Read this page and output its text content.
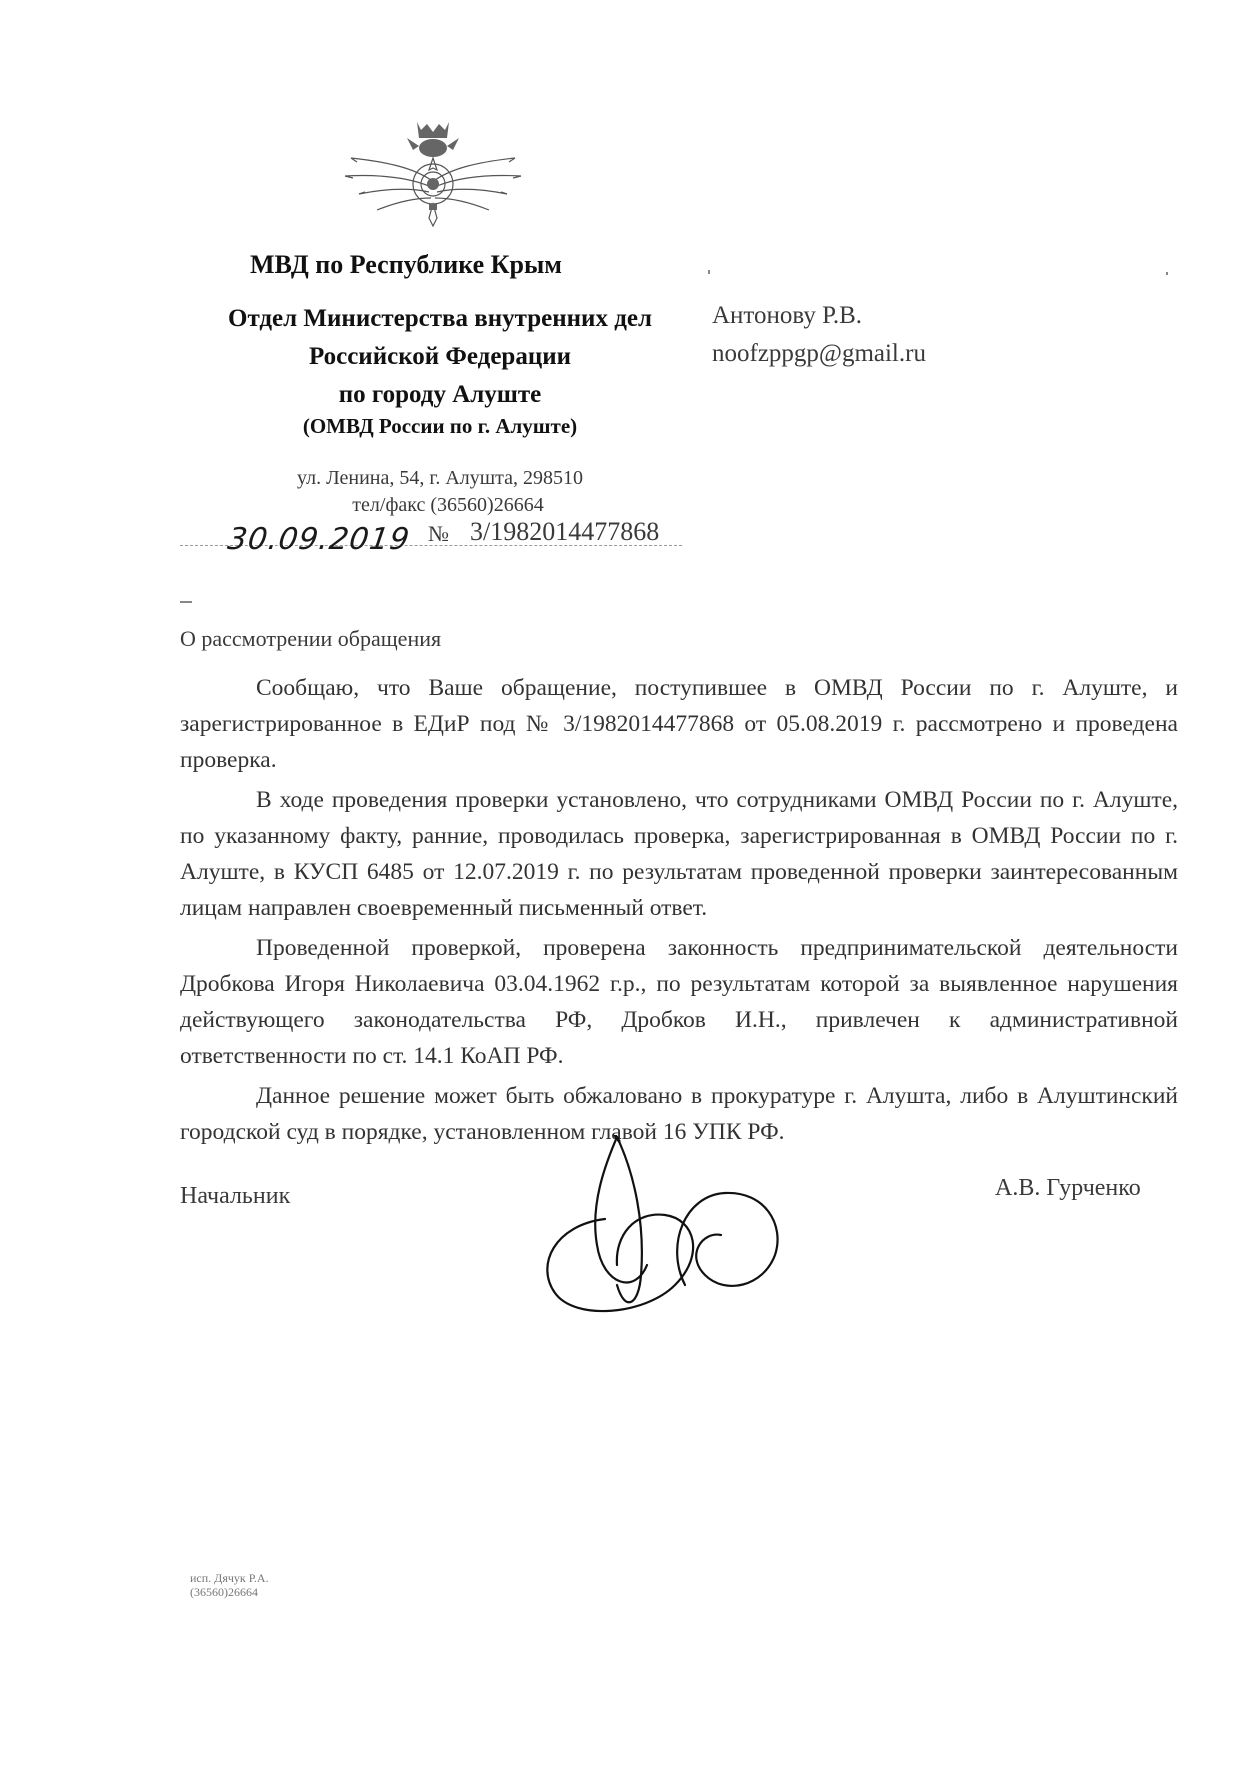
МВД по Республике Крым
Отдел Министерства внутренних дел
Российской Федерации
по городу Алуште
(ОМВД России по г. Алуште)
ул. Ленина, 54, г. Алушта, 298510
тел/факс (36560)26664
30.09.2019 № 3/1982014477868
Антонову Р.В.
noofzppgp@gmail.ru
О рассмотрении обращения

Сообщаю, что Ваше обращение, поступившее в ОМВД России по г. Алуште, и зарегистрированное в ЕДиР под № 3/1982014477868 от 05.08.2019 г. рассмотрено и проведена проверка.

В ходе проведения проверки установлено, что сотрудниками ОМВД России по г. Алуште, по указанному факту, ранние, проводилась проверка, зарегистрированная в ОМВД России по г. Алуште, в КУСП 6485 от 12.07.2019 г. по результатам проведенной проверки заинтересованным лицам направлен своевременный письменный ответ.

Проведенной проверкой, проверена законность предпринимательской деятельности Дробкова Игоря Николаевича 03.04.1962 г.р., по результатам которой за выявленное нарушения действующего законодательства РФ, Дробков И.Н., привлечен к административной ответственности по ст. 14.1 КоАП РФ.

Данное решение может быть обжаловано в прокуратуре г. Алушта, либо в Алуштинский городской суд в порядке, установленном главой 16 УПК РФ.

Начальник	А.В. Гурченко
исп. Дячук Р.А.
(36560)26664
